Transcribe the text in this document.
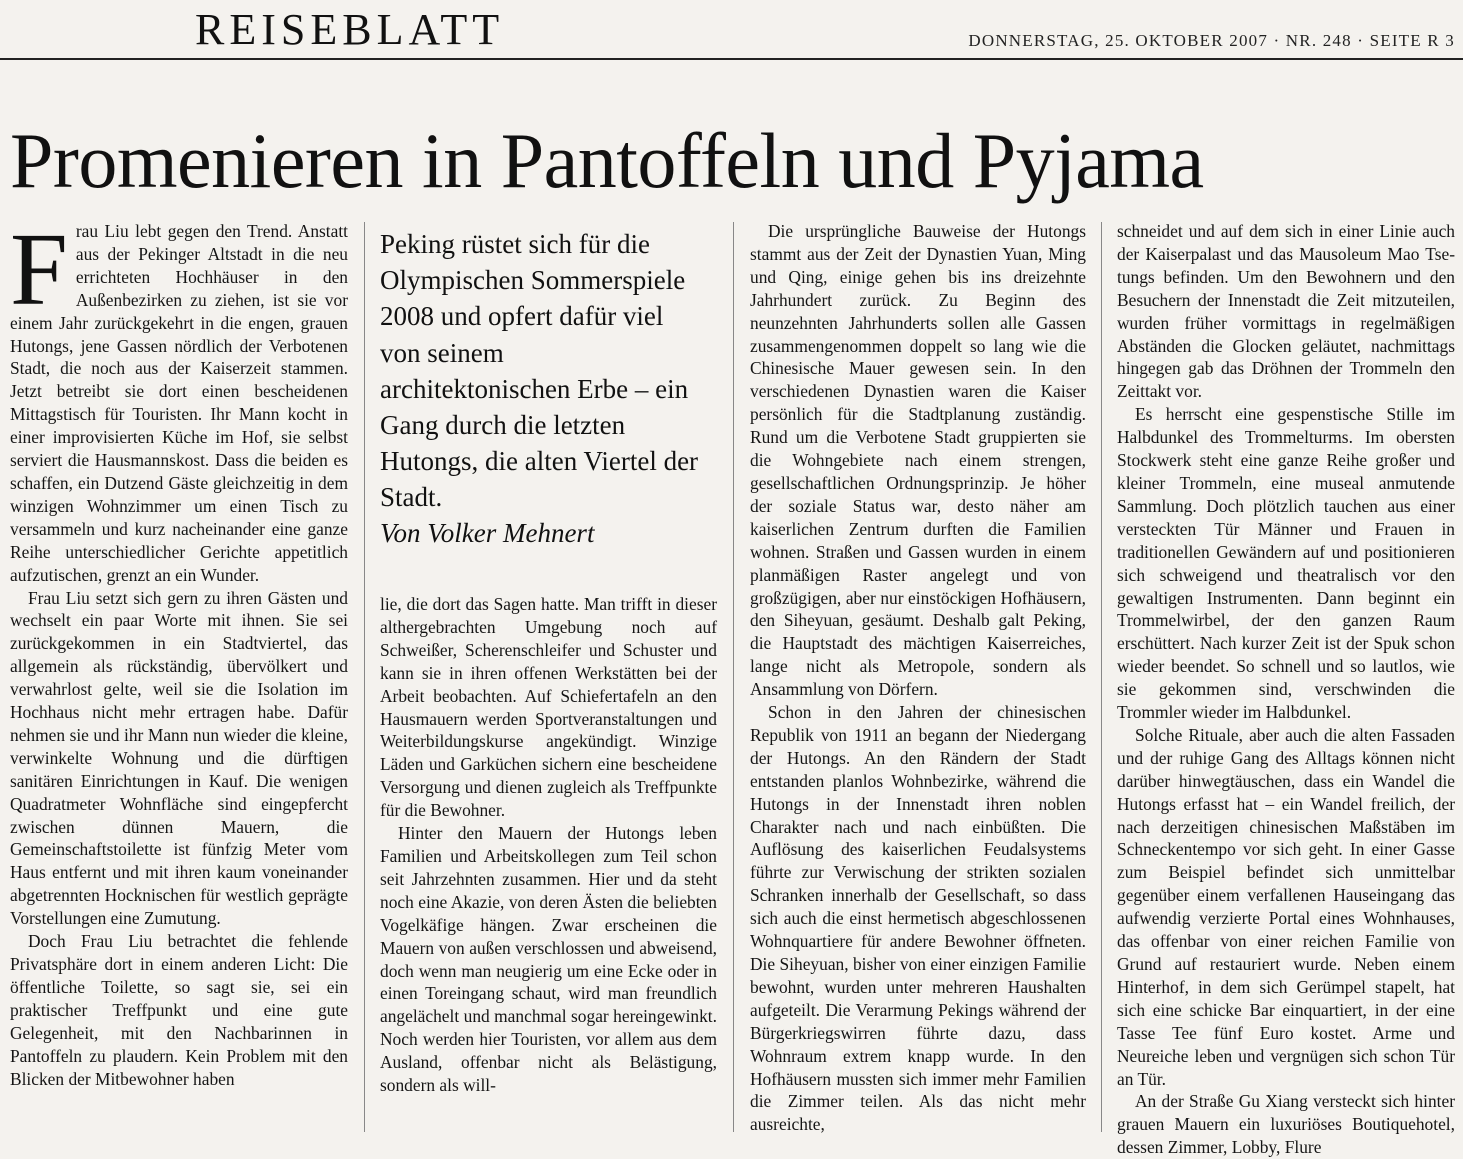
REISEBLATT	DONNERSTAG, 25. OKTOBER 2007 · NR. 248 · SEITE R 3
Promenieren in Pantoffeln und Pyjama

Frau Liu lebt gegen den Trend. Anstatt aus der Pekinger Altstadt in die neu errichteten Hochhäuser in den Außenbezirken zu ziehen, ist sie vor einem Jahr zurückgekehrt in die engen, grauen Hutongs, jene Gassen nördlich der Verbotenen Stadt, die noch aus der Kaiserzeit stammen. Jetzt betreibt sie dort einen bescheidenen Mittagstisch für Touristen. Ihr Mann kocht in einer improvisierten Küche im Hof, sie selbst serviert die Hausmannskost. Dass die beiden es schaffen, ein Dutzend Gäste gleichzeitig in dem winzigen Wohnzimmer um einen Tisch zu versammeln und kurz nacheinander eine ganze Reihe unterschiedlicher Gerichte appetitlich aufzutischen, grenzt an ein Wunder.

Frau Liu setzt sich gern zu ihren Gästen und wechselt ein paar Worte mit ihnen. Sie sei zurückgekommen in ein Stadtviertel, das allgemein als rückständig, übervölkert und verwahrlost gelte, weil sie die Isolation im Hochhaus nicht mehr ertragen habe. Dafür nehmen sie und ihr Mann nun wieder die kleine, verwinkelte Wohnung und die dürftigen sanitären Einrichtungen in Kauf. Die wenigen Quadratmeter Wohnfläche sind eingepfercht zwischen dünnen Mauern, die Gemeinschaftstoilette ist fünfzig Meter vom Haus entfernt und mit ihren kaum voneinander abgetrennten Hocknischen für westlich geprägte Vorstellungen eine Zumutung.

Doch Frau Liu betrachtet die fehlende Privatsphäre dort in einem anderen Licht: Die öffentliche Toilette, so sagt sie, sei ein praktischer Treffpunkt und eine gute Gelegenheit, mit den Nachbarinnen in Pantoffeln zu plaudern. Kein Problem mit den Blicken der Mitbewohner haben

Peking rüstet sich für die Olympischen Sommerspiele 2008 und opfert dafür viel von seinem architektonischen Erbe – ein Gang durch die letzten Hutongs, die alten Viertel der Stadt.
Von Volker Mehnert

lie, die dort das Sagen hatte. Man trifft in dieser althergebrachten Umgebung noch auf Schweißer, Scherenschleifer und Schuster und kann sie in ihren offenen Werkstätten bei der Arbeit beobachten. Auf Schiefertafeln an den Hausmauern werden Sportveranstaltungen und Weiterbildungskurse angekündigt. Winzige Läden und Garküchen sichern eine bescheidene Versorgung und dienen zugleich als Treffpunkte für die Bewohner.

Hinter den Mauern der Hutongs leben Familien und Arbeitskollegen zum Teil schon seit Jahrzehnten zusammen. Hier und da steht noch eine Akazie, von deren Ästen die beliebten Vogelkäfige hängen. Zwar erscheinen die Mauern von außen verschlossen und abweisend, doch wenn man neugierig um eine Ecke oder in einen Toreingang schaut, wird man freundlich angelächelt und manchmal sogar hereingewinkt. Noch werden hier Touristen, vor allem aus dem Ausland, offenbar nicht als Belästigung, sondern als will-

Die ursprüngliche Bauweise der Hutongs stammt aus der Zeit der Dynastien Yuan, Ming und Qing, einige gehen bis ins dreizehnte Jahrhundert zurück. Zu Beginn des neunzehnten Jahrhunderts sollen alle Gassen zusammengenommen doppelt so lang wie die Chinesische Mauer gewesen sein. In den verschiedenen Dynastien waren die Kaiser persönlich für die Stadtplanung zuständig. Rund um die Verbotene Stadt gruppierten sie die Wohngebiete nach einem strengen, gesellschaftlichen Ordnungsprinzip. Je höher der soziale Status war, desto näher am kaiserlichen Zentrum durften die Familien wohnen. Straßen und Gassen wurden in einem planmäßigen Raster angelegt und von großzügigen, aber nur einstöckigen Hofhäusern, den Siheyuan, gesäumt. Deshalb galt Peking, die Hauptstadt des mächtigen Kaiserreiches, lange nicht als Metropole, sondern als Ansammlung von Dörfern.

Schon in den Jahren der chinesischen Republik von 1911 an begann der Niedergang der Hutongs. An den Rändern der Stadt entstanden planlos Wohnbezirke, während die Hutongs in der Innenstadt ihren noblen Charakter nach und nach einbüßten. Die Auflösung des kaiserlichen Feudalsystems führte zur Verwischung der strikten sozialen Schranken innerhalb der Gesellschaft, so dass sich auch die einst hermetisch abgeschlossenen Wohnquartiere für andere Bewohner öffneten. Die Siheyuan, bisher von einer einzigen Familie bewohnt, wurden unter mehreren Haushalten aufgeteilt. Die Verarmung Pekings während der Bürgerkriegswirren führte dazu, dass Wohnraum extrem knapp wurde. In den Hofhäusern mussten sich immer mehr Familien die Zimmer teilen. Als das nicht mehr ausreichte,

schneidet und auf dem sich in einer Linie auch der Kaiserpalast und das Mausoleum Mao Tse-tungs befinden. Um den Bewohnern und den Besuchern der Innenstadt die Zeit mitzuteilen, wurden früher vormittags in regelmäßigen Abständen die Glocken geläutet, nachmittags hingegen gab das Dröhnen der Trommeln den Zeittakt vor.

Es herrscht eine gespenstische Stille im Halbdunkel des Trommelturms. Im obersten Stockwerk steht eine ganze Reihe großer und kleiner Trommeln, eine museal anmutende Sammlung. Doch plötzlich tauchen aus einer versteckten Tür Männer und Frauen in traditionellen Gewändern auf und positionieren sich schweigend und theatralisch vor den gewaltigen Instrumenten. Dann beginnt ein Trommelwirbel, der den ganzen Raum erschüttert. Nach kurzer Zeit ist der Spuk schon wieder beendet. So schnell und so lautlos, wie sie gekommen sind, verschwinden die Trommler wieder im Halbdunkel.

Solche Rituale, aber auch die alten Fassaden und der ruhige Gang des Alltags können nicht darüber hinwegtäuschen, dass ein Wandel die Hutongs erfasst hat – ein Wandel freilich, der nach derzeitigen chinesischen Maßstäben im Schneckentempo vor sich geht. In einer Gasse zum Beispiel befindet sich unmittelbar gegenüber einem verfallenen Hauseingang das aufwendig verzierte Portal eines Wohnhauses, das offenbar von einer reichen Familie von Grund auf restauriert wurde. Neben einem Hinterhof, in dem sich Gerümpel stapelt, hat sich eine schicke Bar einquartiert, in der eine Tasse Tee fünf Euro kostet. Arme und Neureiche leben und vergnügen sich schon Tür an Tür.

An der Straße Gu Xiang versteckt sich hinter grauen Mauern ein luxuriöses Boutiquehotel, dessen Zimmer, Lobby, Flure
